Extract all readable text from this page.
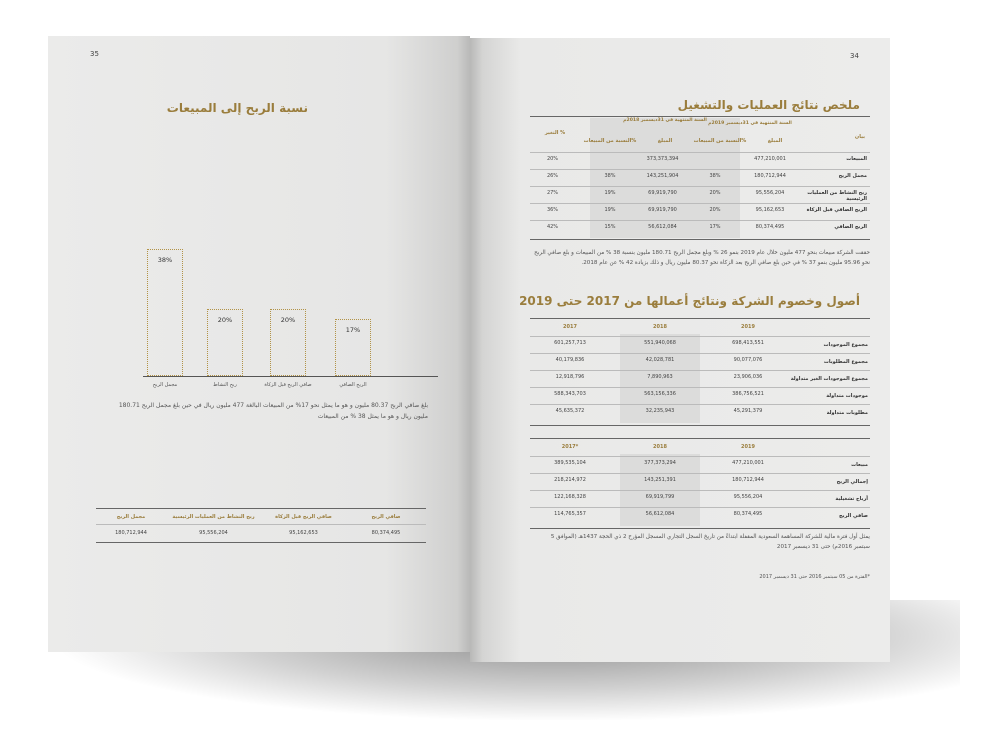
35
نسبة الربح إلى المبيعات
38%
مجمل الربح
20%
ربح النشاط
20%
صافي الربح قبل الزكاة
17%
الربح الصافي
بلغ صافي الربح 80.37 مليون و هو ما يمثل نحو 17% من المبيعات البالغة 477 مليون ريال في حين بلغ مجمل الربح 180.71 مليون ريال و هو ما يمثل 38 % من المبيعات
صافي الربح
صافي الربح قبل الزكاة
ربح النشاط من العمليات الرئيسية
مجمل الربح
80,374,495
95,162,653
95,556,204
180,712,944
34
ملخص نتائج العمليات والتشغيل
بيان
السنة المنتهية في 31ديسمبر 2019م
السنة المنتهية في 31ديسمبر 2018م
المبلغ
النسبة من المبيعات%
المبلغ
النسبة من المبيعات%
التغير %
المبيعات
477,210,001
373,373,394
20%
مجمل الربح
180,712,944
38%
143,251,904
38%
26%
ربح النشاط من العمليات الرئيسية
95,556,204
20%
69,919,790
19%
27%
الربح الصافي قبل الزكاة
95,162,653
20%
69,919,790
19%
36%
الربح الصافي
80,374,495
17%
56,612,084
15%
42%
حققت الشركة مبيعات بنحو 477 مليون خلال عام 2019 بنمو 26 % وبلغ مجمل الربح 180.71 مليون بنسبة 38 % من المبيعات و بلغ صافي الربح نحو 95.96 مليون بنمو 37 % في حين بلغ صافي الربح بعد الزكاة نحو 80.37 مليون ريال و ذلك بزيادة 42 % عن عام 2018.
أصول وخصوم الشركة ونتائج أعمالها من 2017 حتى 2019
2019
2018
2017
مجموع الموجودات
698,413,551
551,940,068
601,257,713
مجموع المطلوبات
90,077,076
42,028,781
40,179,836
مجموع الموجودات الغير متداولة
23,906,036
7,890,963
12,918,796
موجودات متداولة
386,756,521
563,156,336
588,343,703
مطلوبات متداولة
45,291,379
32,235,943
45,635,372
2019
2018
2017*
مبيعات
477,210,001
377,373,294
389,535,104
إجمالي الربح
180,712,944
143,251,391
218,214,972
أرباح تشغيلية
95,556,204
69,919,799
122,168,328
صافي الربح
80,374,495
56,612,084
114,765,357
يمثل أول فترة مالية للشركة المساهمة السعودية المقفلة ابتداءً من تاريخ السجل التجاري المسجل المؤرخ 2 ذي الحجة 1437هـ (الموافق 5 سبتمبر 2016م) حتى 31 ديسمبر 2017
*الفترة من 05 سبتمبر 2016 حتى 31 ديسمبر 2017
